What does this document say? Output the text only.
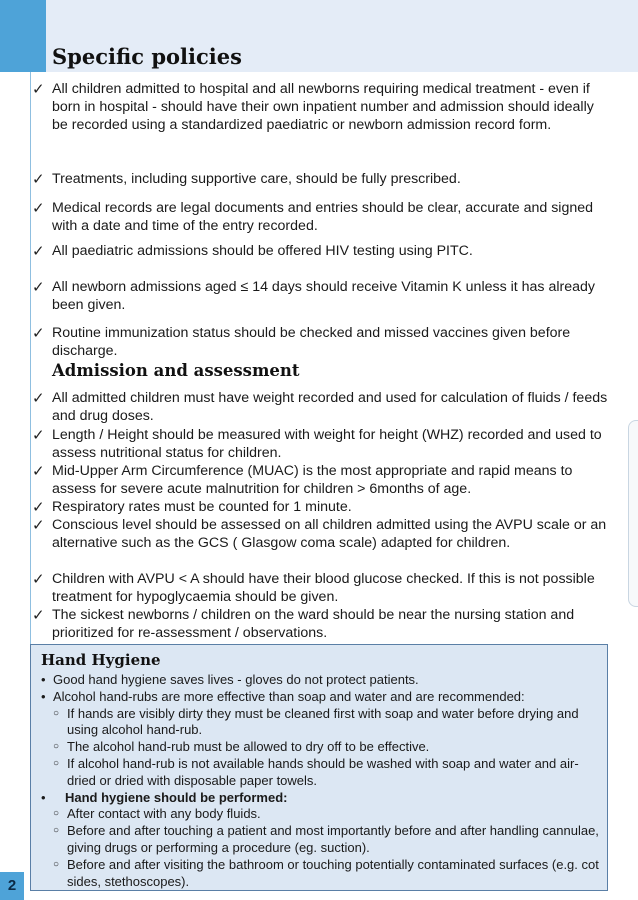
Specific policies
✓ All children admitted to hospital and all newborns requiring medical treatment - even if born in hospital - should have their own inpatient number and admission should ideally be recorded using a standardized paediatric or newborn admission record form.
✓ Treatments, including supportive care, should be fully prescribed.
✓ Medical records are legal documents and entries should be clear, accurate and signed with a date and time of the entry recorded.
✓ All paediatric admissions should be offered HIV testing using PITC.
✓ All newborn admissions aged ≤ 14 days should receive Vitamin K unless it has already been given.
✓ Routine immunization status should be checked and missed vaccines given before discharge.
Admission and assessment
✓ All admitted children must have weight recorded and used for calculation of fluids / feeds and drug doses.
✓ Length / Height should be measured with weight for height (WHZ) recorded and used to assess nutritional status for children.
✓ Mid-Upper Arm Circumference (MUAC) is the most appropriate and rapid means to assess for severe acute malnutrition for children > 6months of age.
✓ Respiratory rates must be counted for 1 minute.
✓ Conscious level should be assessed on all children admitted using the AVPU scale or an alternative such as the GCS ( Glasgow coma scale) adapted for children.
✓ Children with AVPU < A should have their blood glucose checked. If this is not possible treatment for hypoglycaemia should be given.
✓ The sickest newborns / children on the ward should be near the nursing station and prioritized for re-assessment / observations.
Hand Hygiene
• Good hand hygiene saves lives - gloves do not protect patients.
• Alcohol hand-rubs are more effective than soap and water and are recommended:
○ If hands are visibly dirty they must be cleaned first with soap and water before drying and using alcohol hand-rub.
○ The alcohol hand-rub must be allowed to dry off to be effective.
○ If alcohol hand-rub is not available hands should be washed with soap and water and air-dried or dried with disposable paper towels.
• Hand hygiene should be performed:
○ After contact with any body fluids.
○ Before and after touching a patient and most importantly before and after handling cannulae, giving drugs or performing a procedure (eg. suction).
○ Before and after visiting the bathroom or touching potentially contaminated surfaces (e.g. cot sides, stethoscopes).
2
